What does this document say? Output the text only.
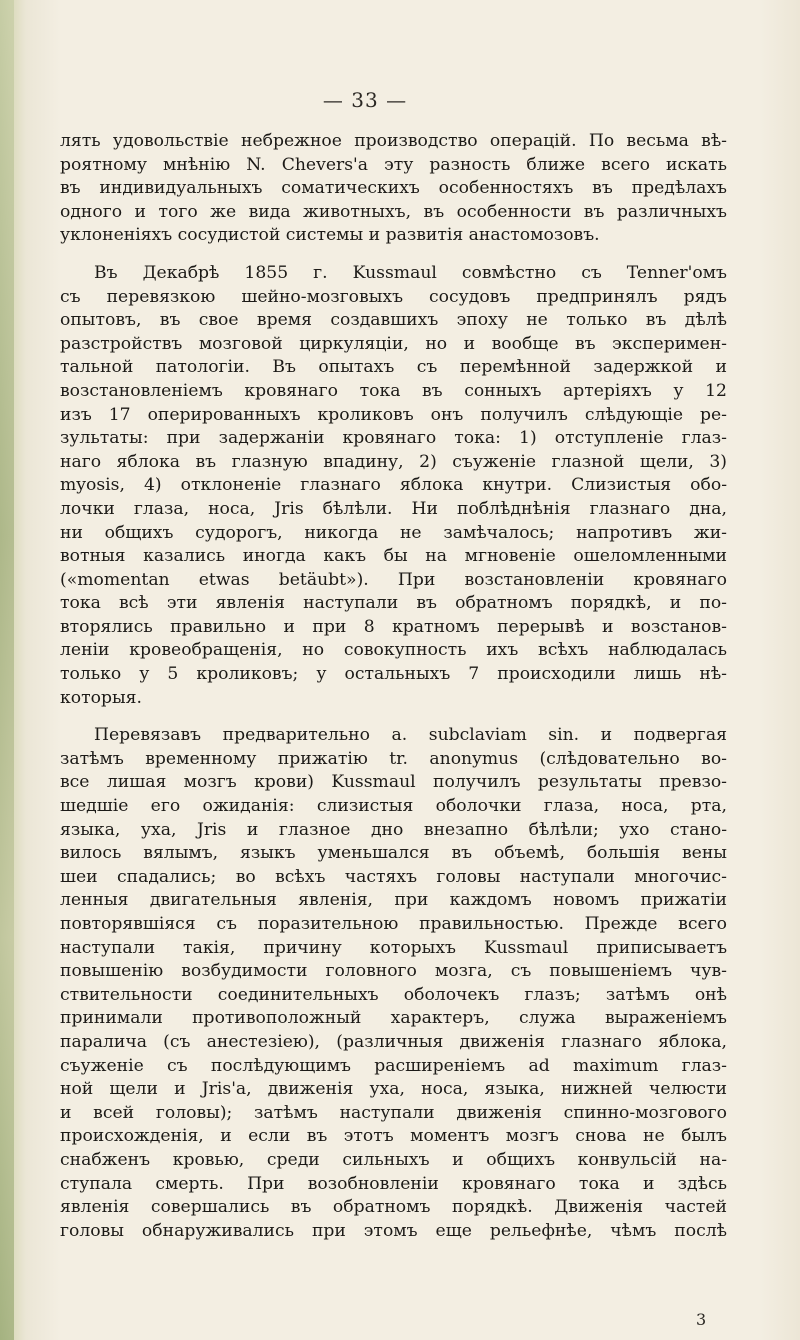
— 33 —
лять удовольствіе небрежное производство операцій. По весьма вѣ-
роятному мнѣнію N. Chevers'а эту разность ближе всего искать
въ индивидуальныхъ соматическихъ особенностяхъ въ предѣлахъ
одного и того же вида животныхъ, въ особенности въ различныхъ
уклоненіяхъ сосудистой системы и развитія анастомозовъ.
Въ Декабрѣ 1855 г. Kussmaul совмѣстно съ Tenner'омъ
съ перевязкою шейно-мозговыхъ сосудовъ предпринялъ рядъ
опытовъ, въ свое время создавшихъ эпоху не только въ дѣлѣ
разстройствъ мозговой циркуляціи, но и вообще въ эксперимен-
тальной патологіи. Въ опытахъ съ перемѣнной задержкой и
возстановленіемъ кровянаго тока въ сонныхъ артеріяхъ у 12
изъ 17 оперированныхъ кроликовъ онъ получилъ слѣдующіе ре-
зультаты: при задержаніи кровянаго тока: 1) отступленіе глаз-
наго яблока въ глазную впадину, 2) съуженіе глазной щели, 3)
myosis, 4) отклоненіе глазнаго яблока кнутри. Слизистыя обо-
лочки глаза, носа, Jris бѣлѣли. Ни поблѣднѣнія глазнаго дна,
ни общихъ судорогъ, никогда не замѣчалось; напротивъ жи-
вотныя казались иногда какъ бы на мгновеніе ошеломленными
(«momentan etwas betäubt»). При возстановленіи кровянаго
тока всѣ эти явленія наступали въ обратномъ порядкѣ, и по-
вторялись правильно и при 8 кратномъ перерывѣ и возстанов-
леніи кровеобращенія, но совокупность ихъ всѣхъ наблюдалась
только у 5 кроликовъ; у остальныхъ 7 происходили лишь нѣ-
которыя.
Перевязавъ предварительно а. subclaviam sin. и подвергая
затѣмъ временному прижатію tr. anonymus (слѣдовательно во-
все лишая мозгъ крови) Kussmaul получилъ результаты превзо-
шедшіе его ожиданія: слизистыя оболочки глаза, носа, рта,
языка, уха, Jris и глазное дно внезапно бѣлѣли; ухо стано-
вилось вялымъ, языкъ уменьшался въ объемѣ, большія вены
шеи спадались; во всѣхъ частяхъ головы наступали многочис-
ленныя двигательныя явленія, при каждомъ новомъ прижатіи
повторявшіяся съ поразительною правильностью. Прежде всего
наступали такія, причину которыхъ Kussmaul приписываетъ
повышенію возбудимости головного мозга, съ повышеніемъ чув-
ствительности соединительныхъ оболочекъ глазъ; затѣмъ онѣ
принимали противоположный характеръ, служа выраженіемъ
паралича (съ анестезіею), (различныя движенія глазнаго яблока,
съуженіе съ послѣдующимъ расширеніемъ ad maximum глаз-
ной щели и Jris'а, движенія уха, носа, языка, нижней челюсти
и всей головы); затѣмъ наступали движенія спинно-мозгового
происхожденія, и если въ этотъ моментъ мозгъ снова не былъ
снабженъ кровью, среди сильныхъ и общихъ конвульсій на-
ступала смерть. При возобновленіи кровянаго тока и здѣсь
явленія совершались въ обратномъ порядкѣ. Движенія частей
головы обнаруживались при этомъ еще рельефнѣе, чѣмъ послѣ
3
